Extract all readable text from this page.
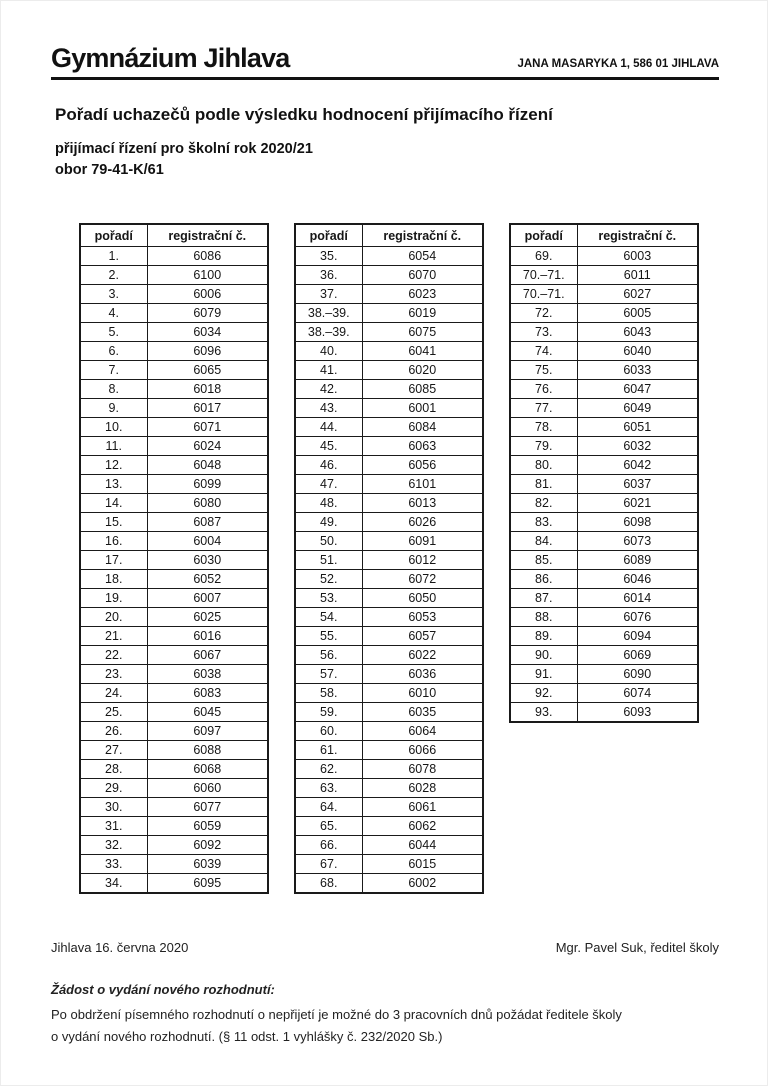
Gymnázium Jihlava	JANA MASARYKA 1, 586 01 JIHLAVA
Pořadí uchazečů podle výsledku hodnocení přijímacího řízení
přijímací řízení pro školní rok 2020/21
obor 79-41-K/61
pořadí	registrační č.
1.	6086
2.	6100
3.	6006
4.	6079
5.	6034
6.	6096
7.	6065
8.	6018
9.	6017
10.	6071
11.	6024
12.	6048
13.	6099
14.	6080
15.	6087
16.	6004
17.	6030
18.	6052
19.	6007
20.	6025
21.	6016
22.	6067
23.	6038
24.	6083
25.	6045
26.	6097
27.	6088
28.	6068
29.	6060
30.	6077
31.	6059
32.	6092
33.	6039
34.	6095
pořadí	registrační č.
35.	6054
36.	6070
37.	6023
38.–39.	6019
38.–39.	6075
40.	6041
41.	6020
42.	6085
43.	6001
44.	6084
45.	6063
46.	6056
47.	6101
48.	6013
49.	6026
50.	6091
51.	6012
52.	6072
53.	6050
54.	6053
55.	6057
56.	6022
57.	6036
58.	6010
59.	6035
60.	6064
61.	6066
62.	6078
63.	6028
64.	6061
65.	6062
66.	6044
67.	6015
68.	6002
pořadí	registrační č.
69.	6003
70.–71.	6011
70.–71.	6027
72.	6005
73.	6043
74.	6040
75.	6033
76.	6047
77.	6049
78.	6051
79.	6032
80.	6042
81.	6037
82.	6021
83.	6098
84.	6073
85.	6089
86.	6046
87.	6014
88.	6076
89.	6094
90.	6069
91.	6090
92.	6074
93.	6093
Jihlava 16. června 2020	Mgr. Pavel Suk, ředitel školy
Žádost o vydání nového rozhodnutí:
Po obdržení písemného rozhodnutí o nepřijetí je možné do 3 pracovních dnů požádat ředitele školy
o vydání nového rozhodnutí. (§ 11 odst. 1 vyhlášky č. 232/2020 Sb.)
